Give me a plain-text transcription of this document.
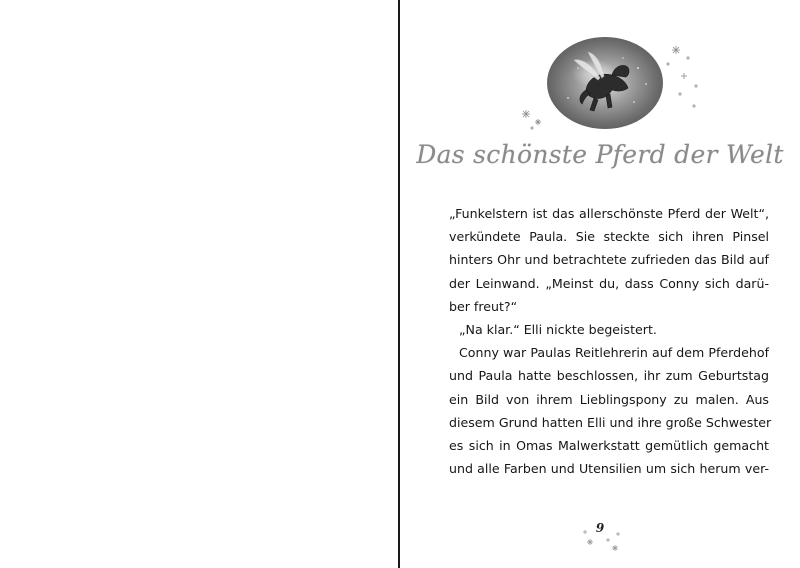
Das schönste Pferd der Welt
„Funkelstern ist das allerschönste Pferd der Welt“,
verkündete Paula. Sie steckte sich ihren Pinsel
hinters Ohr und betrachtete zufrieden das Bild auf
der Leinwand. „Meinst du, dass Conny sich darü-
ber freut?“
„Na klar.“ Elli nickte begeistert.
Conny war Paulas Reitlehrerin auf dem Pferdehof
und Paula hatte beschlossen, ihr zum Geburtstag
ein Bild von ihrem Lieblingspony zu malen. Aus
diesem Grund hatten Elli und ihre große Schwester
es sich in Omas Malwerkstatt gemütlich gemacht
und alle Farben und Utensilien um sich herum ver-
9
